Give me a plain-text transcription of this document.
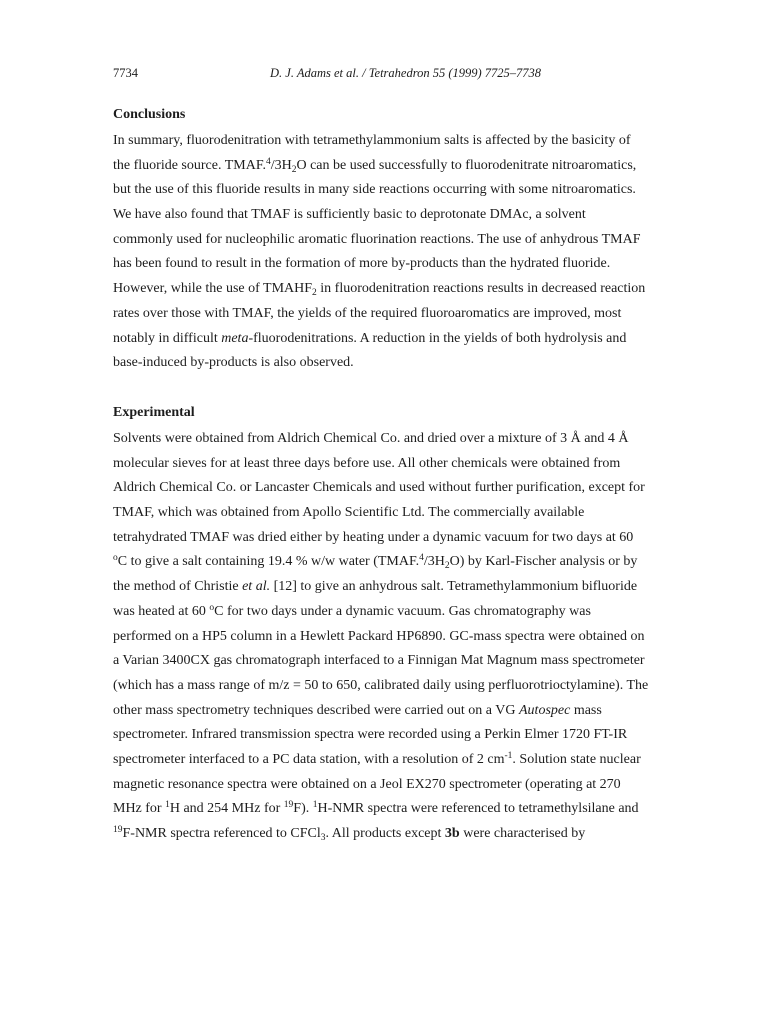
7734	D. J. Adams et al. / Tetrahedron 55 (1999) 7725–7738
Conclusions
In summary, fluorodenitration with tetramethylammonium salts is affected by the basicity of
the fluoride source. $TMAF.^4/3H_2O$ can be used successfully to fluorodenitrate nitroaromatics,
but the use of this fluoride results in many side reactions occurring with some nitroaromatics.
We have also found that TMAF is sufficiently basic to deprotonate DMAc, a solvent
commonly used for nucleophilic aromatic fluorination reactions. The use of anhydrous TMAF
has been found to result in the formation of more by-products than the hydrated fluoride.
However, while the use of $TMAHF_2$ in fluorodenitration reactions results in decreased reaction
rates over those with TMAF, the yields of the required fluoroaromatics are improved, most
notably in difficult meta-fluorodenitrations. A reduction in the yields of both hydrolysis and
base-induced by-products is also observed.
Experimental
Solvents were obtained from Aldrich Chemical Co. and dried over a mixture of 3 Å and 4 Å
molecular sieves for at least three days before use. All other chemicals were obtained from
Aldrich Chemical Co. or Lancaster Chemicals and used without further purification, except for
TMAF, which was obtained from Apollo Scientific Ltd. The commercially available
tetrahydrated TMAF was dried either by heating under a dynamic vacuum for two days at 60
$^o$C to give a salt containing 19.4 % w/w water $(TMAF.^4/3H_2O)$ by Karl-Fischer analysis or by
the method of Christie et al. [12] to give an anhydrous salt. Tetramethylammonium bifluoride
was heated at 60 $^o$C for two days under a dynamic vacuum. Gas chromatography was
performed on a HP5 column in a Hewlett Packard HP6890. GC-mass spectra were obtained on
a Varian 3400CX gas chromatograph interfaced to a Finnigan Mat Magnum mass spectrometer
(which has a mass range of m/z = 50 to 650, calibrated daily using perfluorotrioctylamine). The
other mass spectrometry techniques described were carried out on a VG Autospec mass
spectrometer. Infrared transmission spectra were recorded using a Perkin Elmer 1720 FT-IR
spectrometer interfaced to a PC data station, with a resolution of 2 $cm^{-1}$. Solution state nuclear
magnetic resonance spectra were obtained on a Jeol EX270 spectrometer (operating at 270
MHz for $^1$H and 254 MHz for $^{19}$F). $^1$H-NMR spectra were referenced to tetramethylsilane and
$^{19}$F-NMR spectra referenced to CFCl$_3$. All products except 3b were characterised by
